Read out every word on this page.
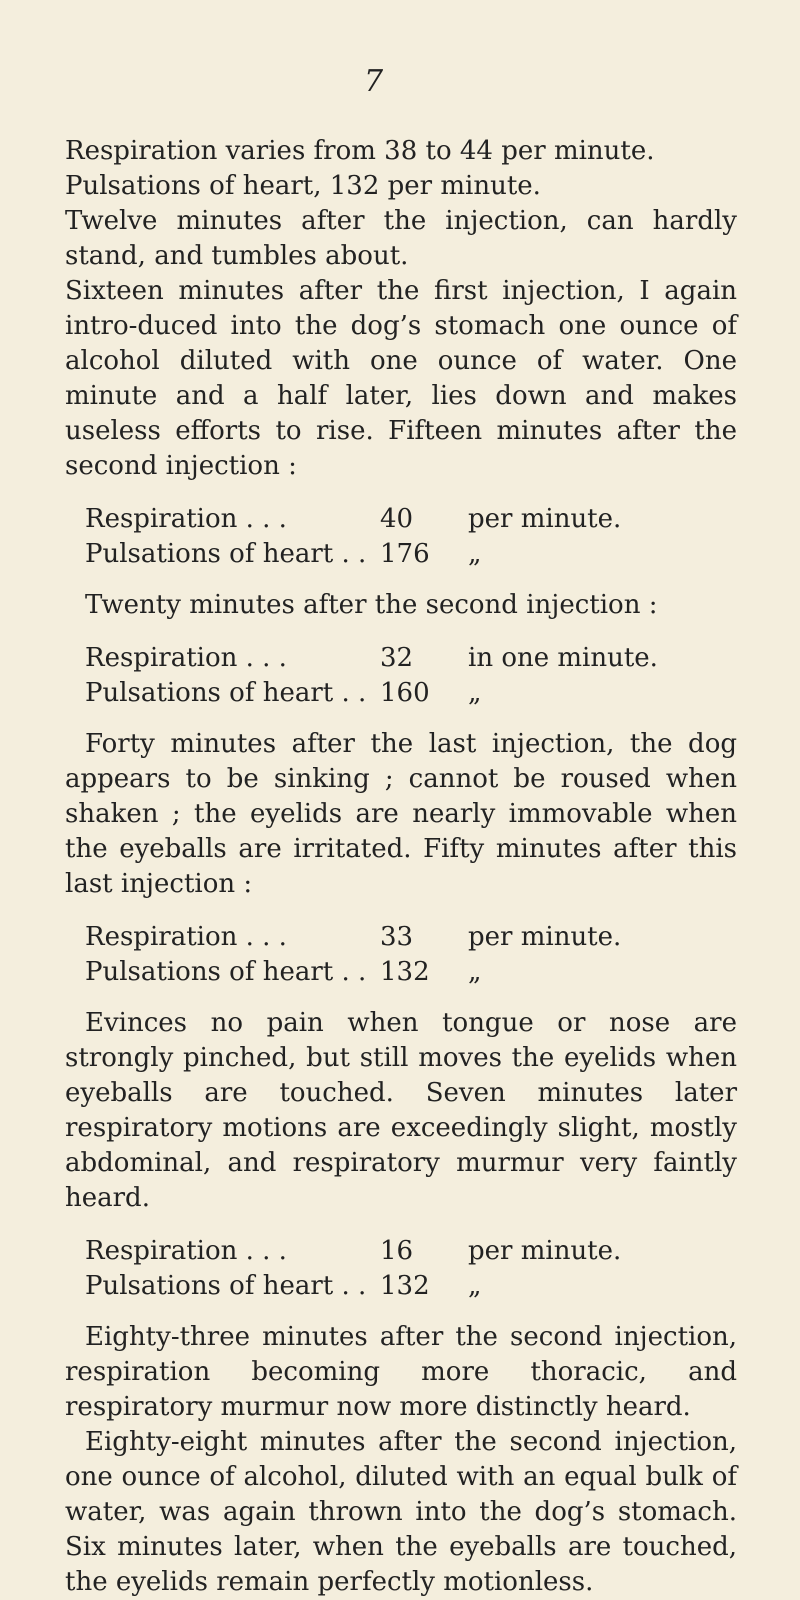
7

Respiration varies from 38 to 44 per minute.

Pulsations of heart, 132 per minute.

Twelve minutes after the injection, can hardly stand, and tumbles about.

Sixteen minutes after the first injection, I again intro-duced into the dog’s stomach one ounce of alcohol diluted with one ounce of water. One minute and a half later, lies down and makes useless efforts to rise. Fifteen minutes after the second injection :

Respiration . . .	40	per minute.
Pulsations of heart . . 176	„

Twenty minutes after the second injection :

Respiration . . .	32	in one minute.
Pulsations of heart . . 160	„

Forty minutes after the last injection, the dog appears to be sinking ; cannot be roused when shaken ; the eyelids are nearly immovable when the eyeballs are irritated. Fifty minutes after this last injection :

Respiration . . .	33	per minute.
Pulsations of heart . . 132	„

Evinces no pain when tongue or nose are strongly pinched, but still moves the eyelids when eyeballs are touched. Seven minutes later respiratory motions are exceedingly slight, mostly abdominal, and respiratory murmur very faintly heard.

Respiration . . .	16	per minute.
Pulsations of heart . . 132	„

Eighty-three minutes after the second injection, respiration becoming more thoracic, and respiratory murmur now more distinctly heard.

Eighty-eight minutes after the second injection, one ounce of alcohol, diluted with an equal bulk of water, was again thrown into the dog’s stomach. Six minutes later, when the eyeballs are touched, the eyelids remain perfectly motionless.
